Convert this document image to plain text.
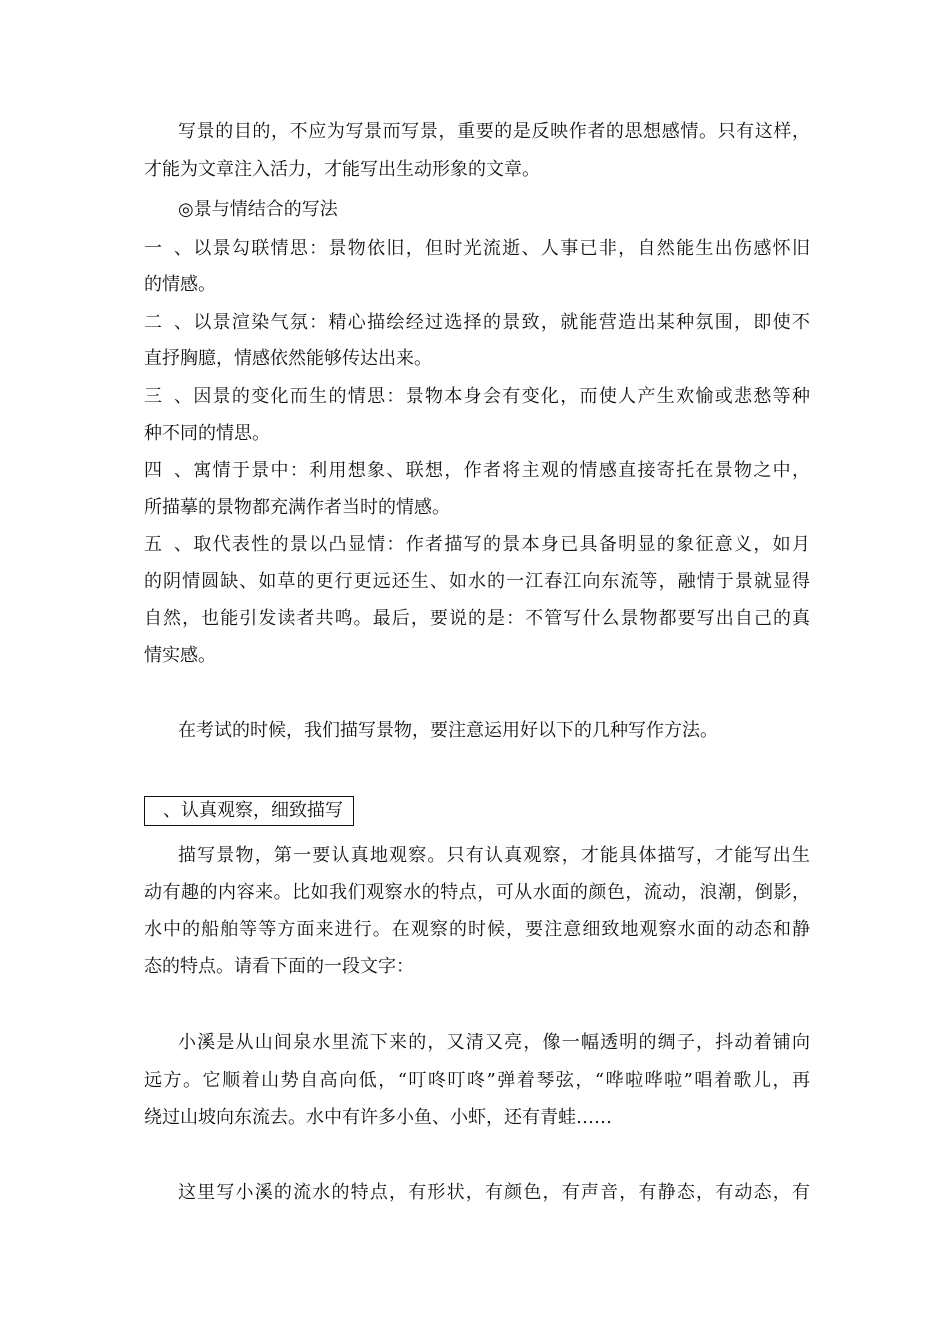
写景的目的，不应为写景而写景，重要的是反映作者的思想感情。只有这样，
才能为文章注入活力，才能写出生动形象的文章。
◎景与情结合的写法
一、以景勾联情思：景物依旧，但时光流逝、人事已非，自然能生出伤感怀旧
的情感。
二、以景渲染气氛：精心描绘经过选择的景致，就能营造出某种氛围，即使不
直抒胸臆，情感依然能够传达出来。
三、因景的变化而生的情思：景物本身会有变化，而使人产生欢愉或悲愁等种
种不同的情思。
四、寓情于景中：利用想象、联想，作者将主观的情感直接寄托在景物之中，
所描摹的景物都充满作者当时的情感。
五、取代表性的景以凸显情：作者描写的景本身已具备明显的象征意义，如月
的阴情圆缺、如草的更行更远还生、如水的一江春江向东流等，融情于景就显得
自然，也能引发读者共鸣。最后，要说的是：不管写什么景物都要写出自己的真
情实感。
在考试的时候，我们描写景物，要注意运用好以下的几种写作方法。
、认真观察，细致描写
描写景物，第一要认真地观察。只有认真观察，才能具体描写，才能写出生
动有趣的内容来。比如我们观察水的特点，可从水面的颜色，流动，浪潮，倒影，
水中的船舶等等方面来进行。在观察的时候，要注意细致地观察水面的动态和静
态的特点。请看下面的一段文字：
小溪是从山间泉水里流下来的，又清又亮，像一幅透明的绸子，抖动着铺向
远方。它顺着山势自高向低，“叮咚叮咚”弹着琴弦，“哗啦哗啦”唱着歌儿，再
绕过山坡向东流去。水中有许多小鱼、小虾，还有青蛙……
这里写小溪的流水的特点，有形状，有颜色，有声音，有静态，有动态，有
